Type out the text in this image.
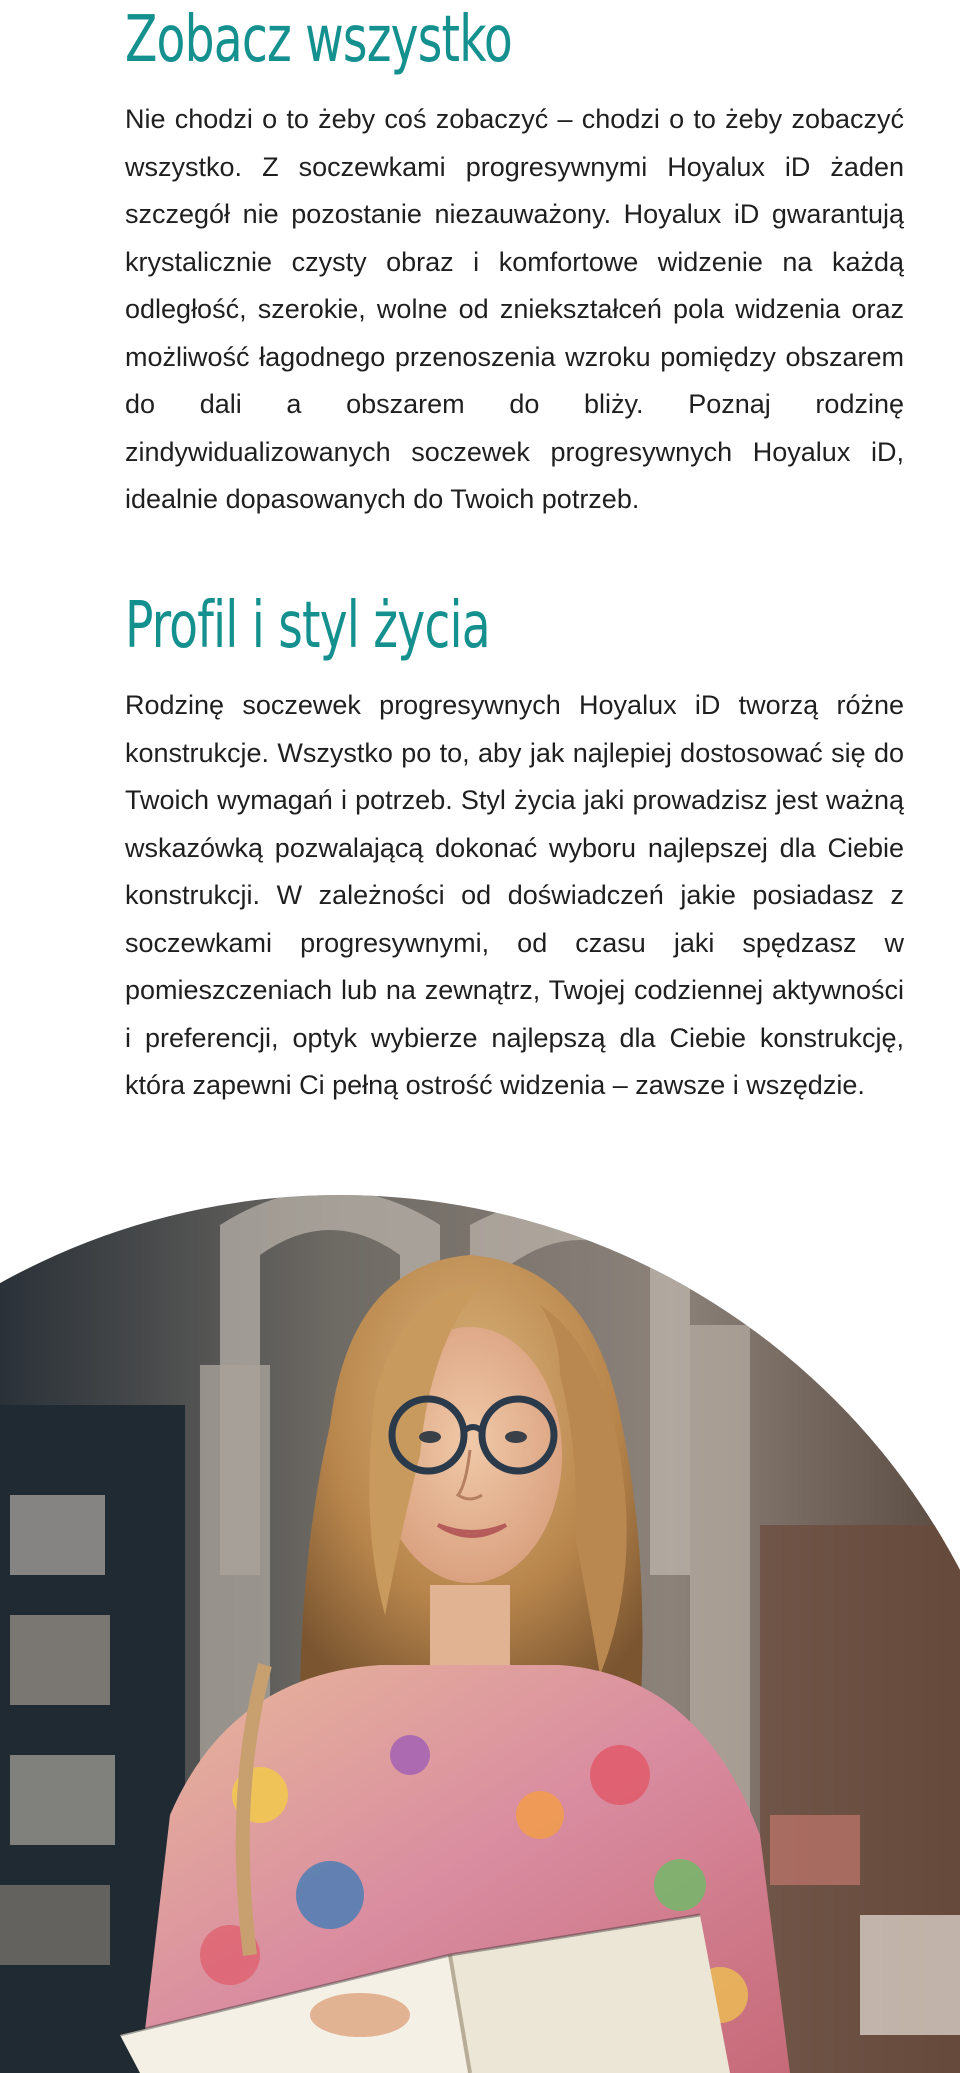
Zobacz wszystko

Nie chodzi o to żeby coś zobaczyć – chodzi o to żeby zobaczyć wszystko. Z soczewkami progresywnymi Hoyalux iD żaden szczegół nie pozostanie niezauważony. Hoyalux iD gwarantują krystalicznie czysty obraz i komfortowe widzenie na każdą odległość, szerokie, wolne od zniekształceń pola widzenia oraz możliwość łagodnego przenoszenia wzroku pomiędzy obszarem do dali a obszarem do bliży. Poznaj rodzinę zindywidualizowanych soczewek progresywnych Hoyalux iD, idealnie dopasowanych do Twoich potrzeb.

Profil i styl życia

Rodzinę soczewek progresywnych Hoyalux iD tworzą różne konstrukcje. Wszystko po to, aby jak najlepiej dostosować się do Twoich wymagań i potrzeb. Styl życia jaki prowadzisz jest ważną wskazówką pozwalającą dokonać wyboru najlepszej dla Ciebie konstrukcji. W zależności od doświadczeń jakie posiadasz z soczewkami progresywnymi, od czasu jaki spędzasz w pomieszczeniach lub na zewnątrz, Twojej codziennej aktywności i preferencji, optyk wybierze najlepszą dla Ciebie konstrukcję, która zapewni Ci pełną ostrość widzenia – zawsze i wszędzie.
